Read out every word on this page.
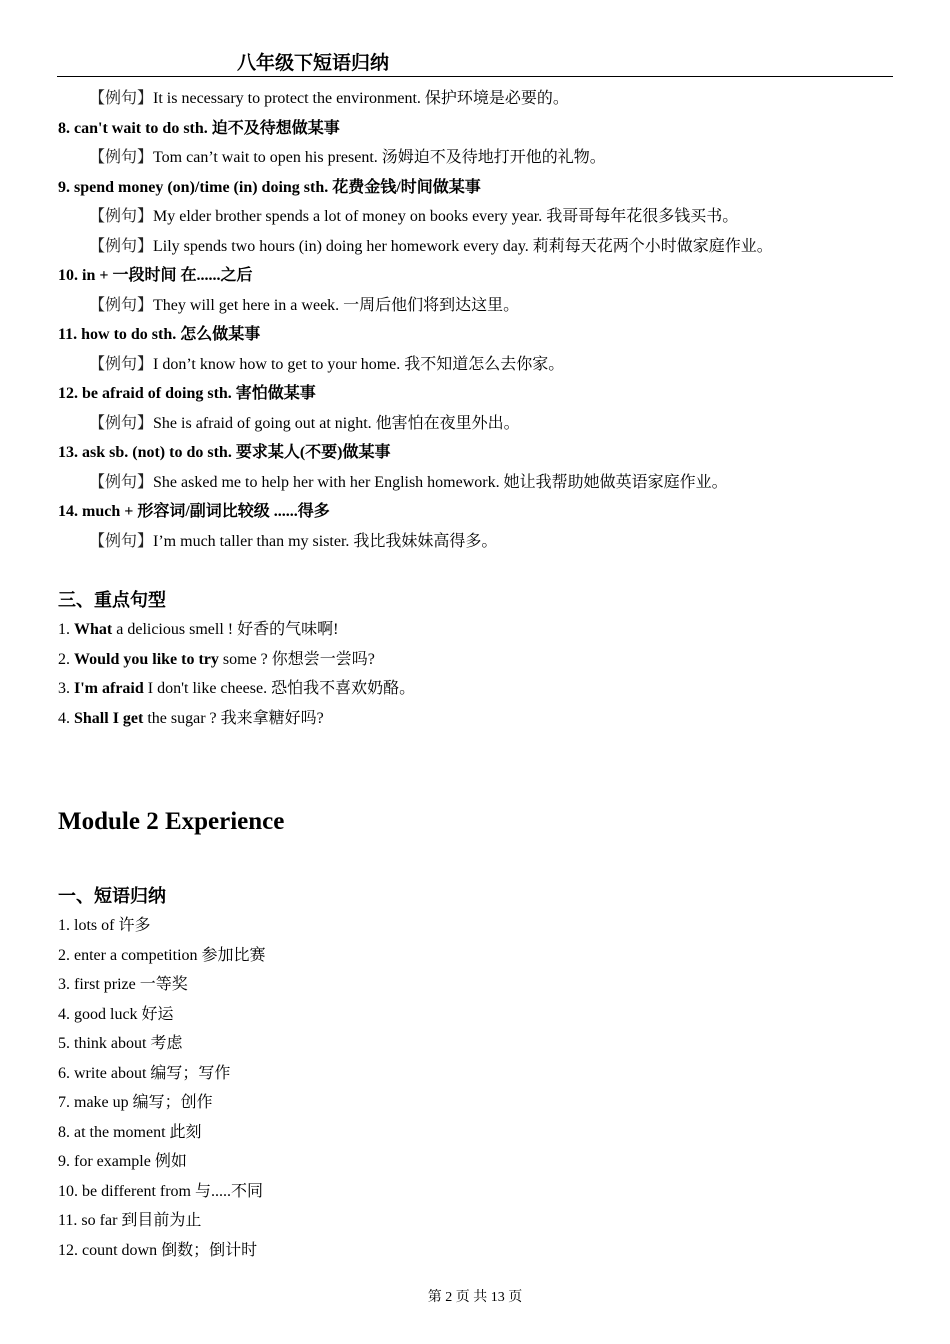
八年级下短语归纳
【例句】It is necessary to protect the environment. 保护环境是必要的。
8. can't wait to do sth. 迫不及待想做某事
【例句】Tom can’t wait to open his present. 汤姆迫不及待地打开他的礼物。
9. spend money (on)/time (in) doing sth. 花费金钱/时间做某事
【例句】My elder brother spends a lot of money on books every year. 我哥哥每年花很多钱买书。
【例句】Lily spends two hours (in) doing her homework every day. 莉莉每天花两个小时做家庭作业。
10. in + 一段时间 在......之后
【例句】They will get here in a week. 一周后他们将到达这里。
11. how to do sth. 怎么做某事
【例句】I don’t know how to get to your home. 我不知道怎么去你家。
12. be afraid of doing sth. 害怕做某事
【例句】She is afraid of going out at night. 他害怕在夜里外出。
13. ask sb. (not) to do sth. 要求某人(不要)做某事
【例句】She asked me to help her with her English homework. 她让我帮助她做英语家庭作业。
14. much + 形容词/副词比较级 ......得多
【例句】I’m much taller than my sister. 我比我妹妹高得多。
三、重点句型
1. What a delicious smell ! 好香的气味啊!
2. Would you like to try some ? 你想尝一尝吗?
3. I'm afraid I don't like cheese. 恐怕我不喜欢奶酪。
4. Shall I get the sugar ? 我来拿糖好吗?
Module 2 Experience
一、短语归纳
1. lots of 许多
2. enter a competition 参加比赛
3. first prize 一等奖
4. good luck 好运
5. think about 考虑
6. write about 编写；写作
7. make up 编写；创作
8. at the moment 此刻
9. for example 例如
10. be different from 与.....不同
11. so far 到目前为止
12. count down 倒数；倒计时
第 2 页 共 13 页
